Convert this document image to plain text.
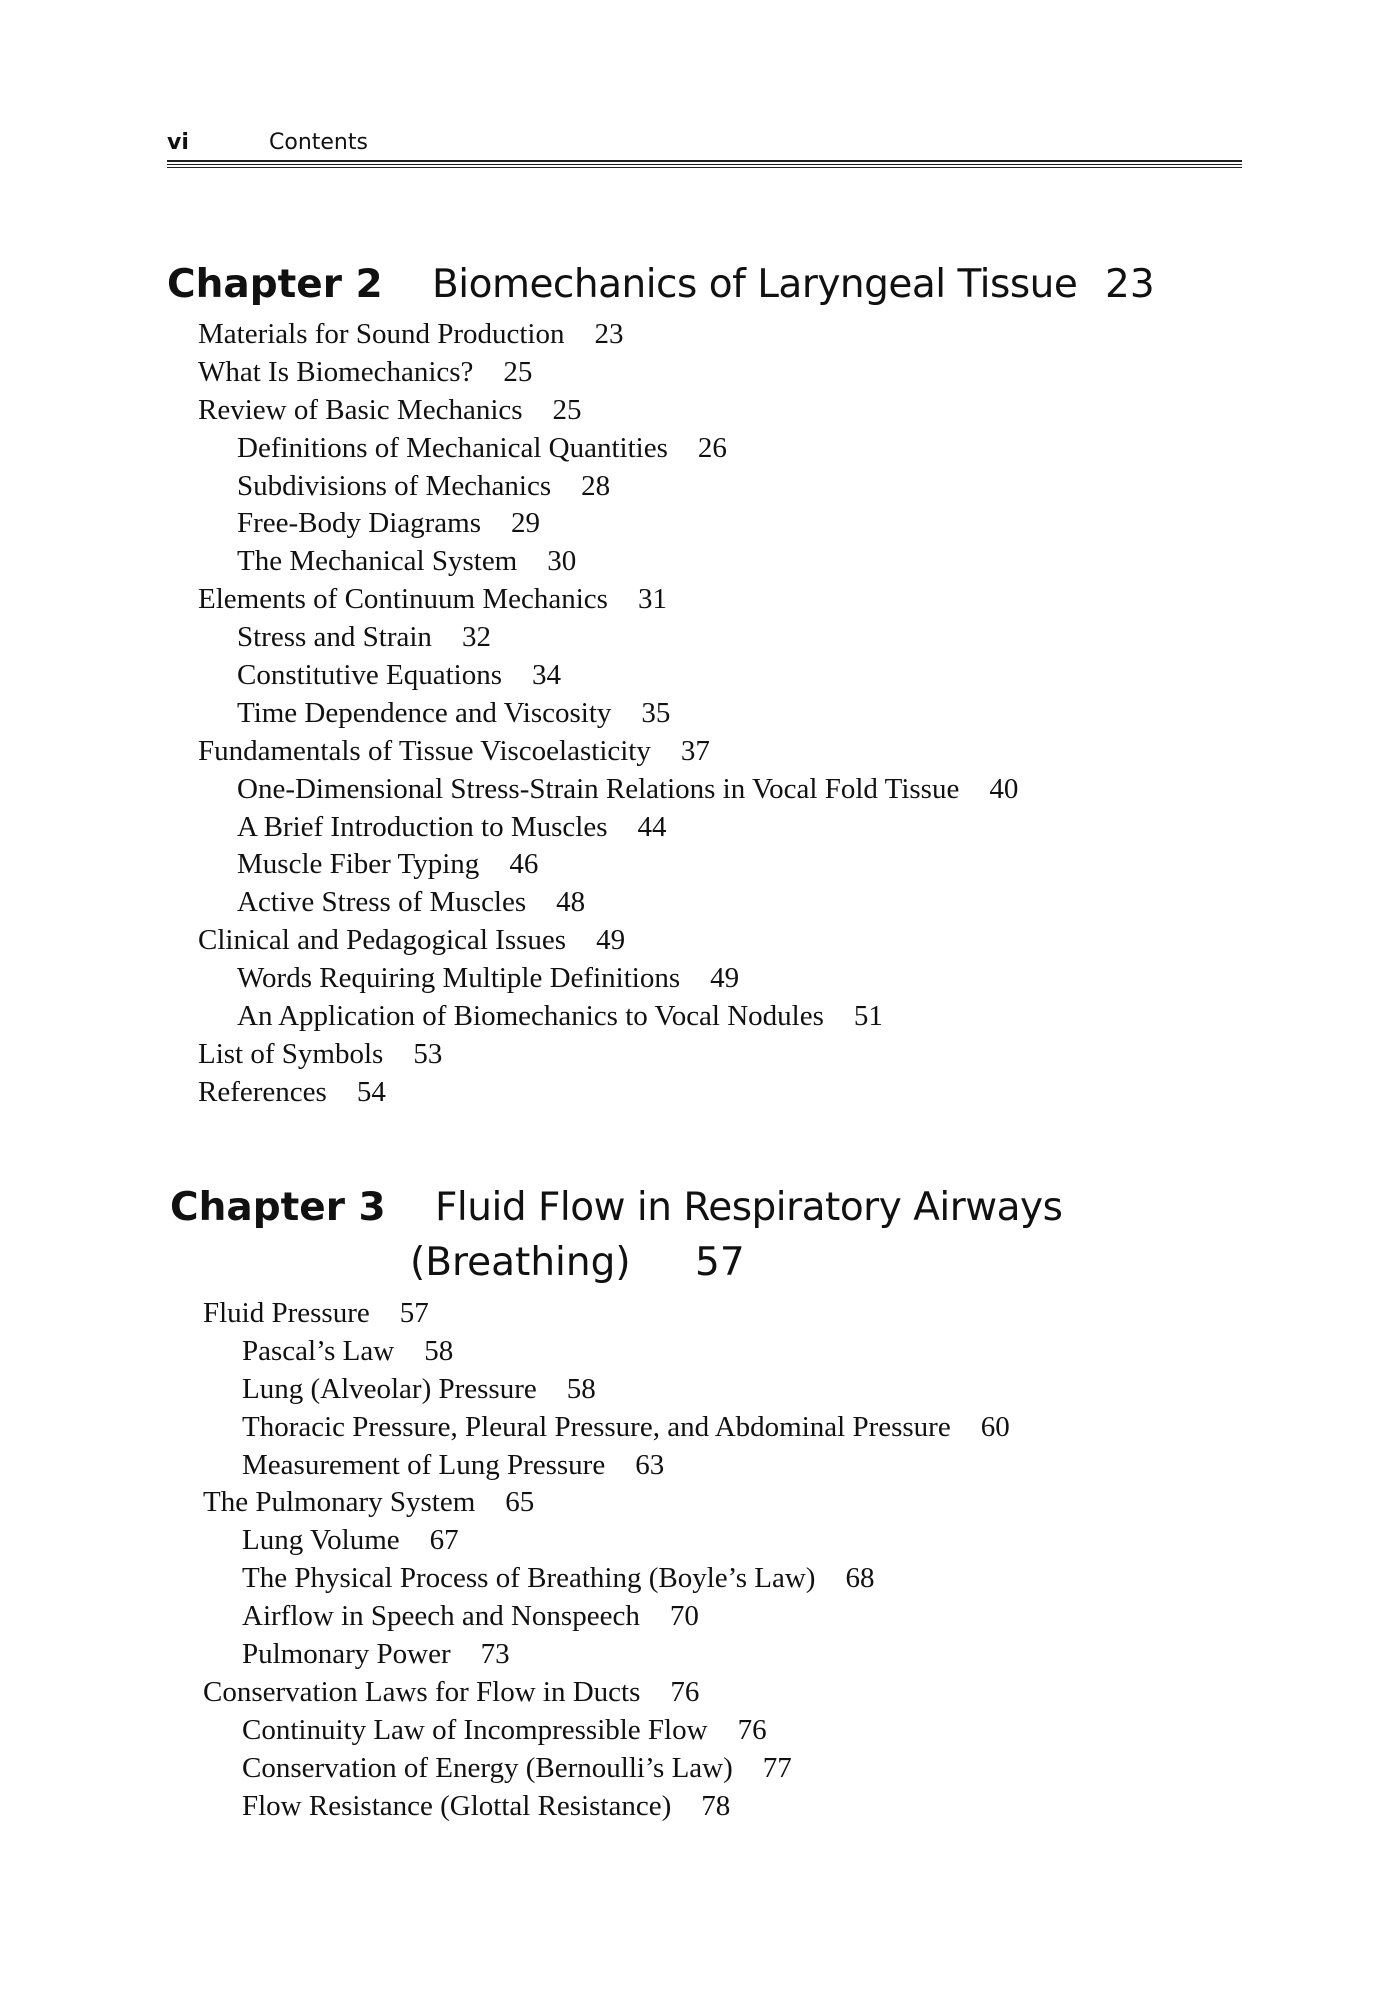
vi	Contents
Chapter 2 Biomechanics of Laryngeal Tissue 23
Materials for Sound Production 23
What Is Biomechanics? 25
Review of Basic Mechanics 25
Definitions of Mechanical Quantities 26
Subdivisions of Mechanics 28
Free-Body Diagrams 29
The Mechanical System 30
Elements of Continuum Mechanics 31
Stress and Strain 32
Constitutive Equations 34
Time Dependence and Viscosity 35
Fundamentals of Tissue Viscoelasticity 37
One-Dimensional Stress-Strain Relations in Vocal Fold Tissue 40
A Brief Introduction to Muscles 44
Muscle Fiber Typing 46
Active Stress of Muscles 48
Clinical and Pedagogical Issues 49
Words Requiring Multiple Definitions 49
An Application of Biomechanics to Vocal Nodules 51
List of Symbols 53
References 54
Chapter 3 Fluid Flow in Respiratory Airways
(Breathing) 57
Fluid Pressure 57
Pascal’s Law 58
Lung (Alveolar) Pressure 58
Thoracic Pressure, Pleural Pressure, and Abdominal Pressure 60
Measurement of Lung Pressure 63
The Pulmonary System 65
Lung Volume 67
The Physical Process of Breathing (Boyle’s Law) 68
Airflow in Speech and Nonspeech 70
Pulmonary Power 73
Conservation Laws for Flow in Ducts 76
Continuity Law of Incompressible Flow 76
Conservation of Energy (Bernoulli’s Law) 77
Flow Resistance (Glottal Resistance) 78
